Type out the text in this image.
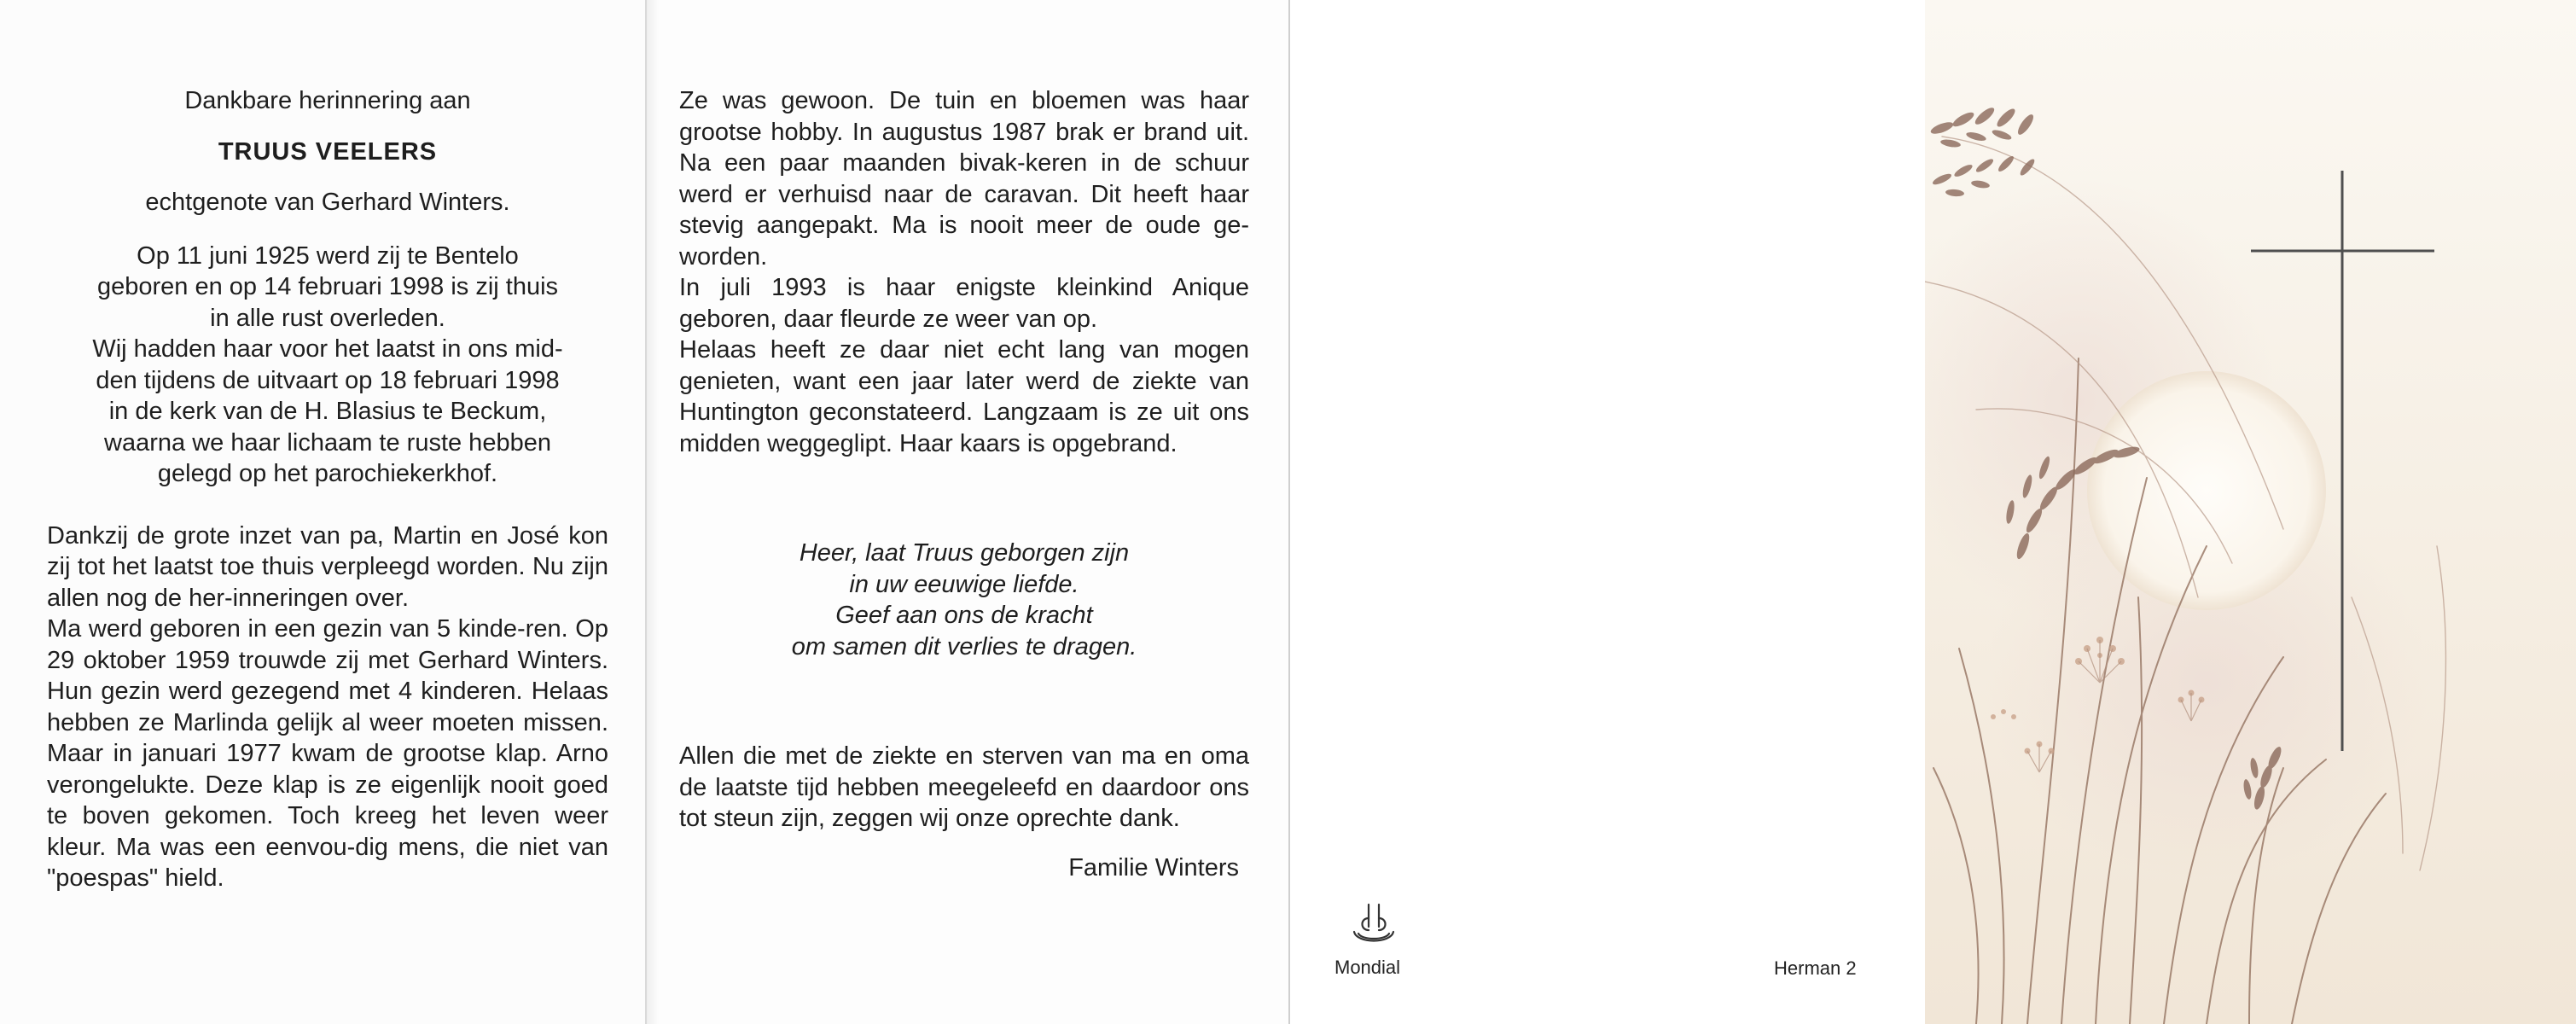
Dankbare herinnering aan

TRUUS VEELERS

echtgenote van Gerhard Winters.

Op 11 juni 1925 werd zij te Bentelo
geboren en op 14 februari 1998 is zij thuis
in alle rust overleden.
Wij hadden haar voor het laatst in ons mid-
den tijdens de uitvaart op 18 februari 1998
in de kerk van de H. Blasius te Beckum,
waarna we haar lichaam te ruste hebben
gelegd op het parochiekerkhof.

Dankzij de grote inzet van pa, Martin en José kon zij tot het laatst toe thuis verpleegd worden. Nu zijn allen nog de her-inneringen over.

Ma werd geboren in een gezin van 5 kinde-ren. Op 29 oktober 1959 trouwde zij met Gerhard Winters. Hun gezin werd gezegend met 4 kinderen. Helaas hebben ze Marlinda gelijk al weer moeten missen. Maar in januari 1977 kwam de grootse klap. Arno verongelukte. Deze klap is ze eigenlijk nooit goed te boven gekomen. Toch kreeg het leven weer kleur. Ma was een eenvou-dig mens, die niet van "poespas" hield.

Ze was gewoon. De tuin en bloemen was haar grootse hobby. In augustus 1987 brak er brand uit. Na een paar maanden bivak-keren in de schuur werd er verhuisd naar de caravan. Dit heeft haar stevig aangepakt. Ma is nooit meer de oude ge-worden.

In juli 1993 is haar enigste kleinkind Anique geboren, daar fleurde ze weer van op.

Helaas heeft ze daar niet echt lang van mogen genieten, want een jaar later werd de ziekte van Huntington geconstateerd. Langzaam is ze uit ons midden weggeglipt. Haar kaars is opgebrand.

Heer, laat Truus geborgen zijn
in uw eeuwige liefde.
Geef aan ons de kracht
om samen dit verlies te dragen.

Allen die met de ziekte en sterven van ma en oma de laatste tijd hebben meegeleefd en daardoor ons tot steun zijn, zeggen wij onze oprechte dank.

Familie Winters

Mondial	Herman 2
